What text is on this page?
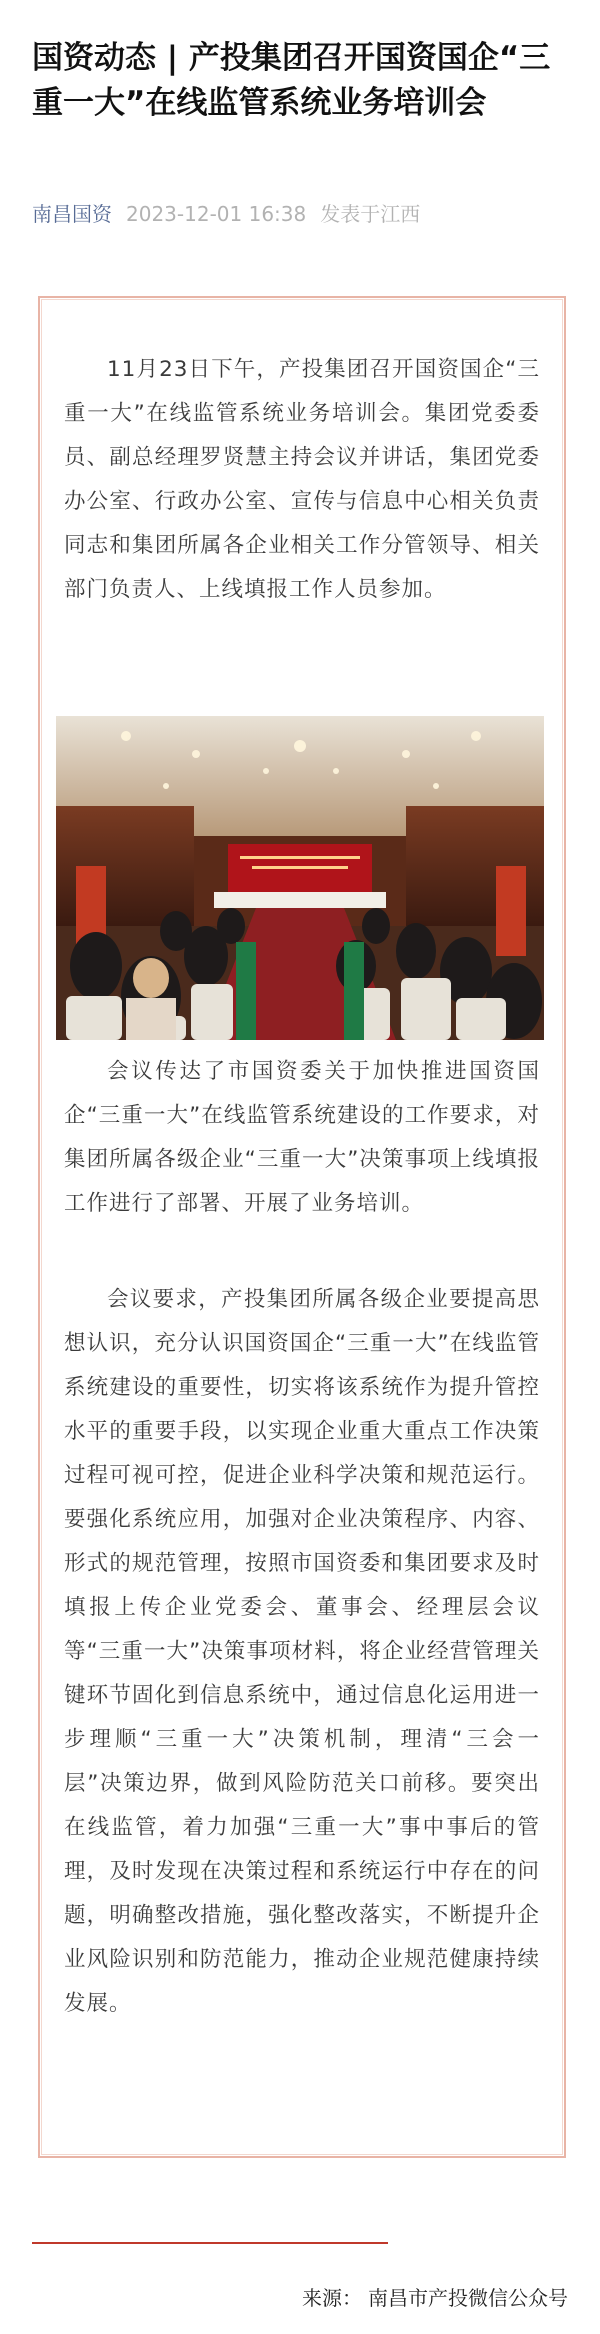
国资动态 | 产投集团召开国资国企“三重一大”在线监管系统业务培训会
南昌国资 2023-12-01 16:38 发表于江西

11月23日下午，产投集团召开国资国企“三重一大”在线监管系统业务培训会。集团党委委员、副总经理罗贤慧主持会议并讲话，集团党委办公室、行政办公室、宣传与信息中心相关负责同志和集团所属各企业相关工作分管领导、相关部门负责人、上线填报工作人员参加。

会议传达了市国资委关于加快推进国资国企“三重一大”在线监管系统建设的工作要求，对集团所属各级企业“三重一大”决策事项上线填报工作进行了部署、开展了业务培训。

会议要求，产投集团所属各级企业要提高思想认识，充分认识国资国企“三重一大”在线监管系统建设的重要性，切实将该系统作为提升管控水平的重要手段，以实现企业重大重点工作决策过程可视可控，促进企业科学决策和规范运行。要强化系统应用，加强对企业决策程序、内容、形式的规范管理，按照市国资委和集团要求及时填报上传企业党委会、董事会、经理层会议等“三重一大”决策事项材料，将企业经营管理关键环节固化到信息系统中，通过信息化运用进一步理顺“三重一大”决策机制，理清“三会一层”决策边界，做到风险防范关口前移。要突出在线监管，着力加强“三重一大”事中事后的管理，及时发现在决策过程和系统运行中存在的问题，明确整改措施，强化整改落实，不断提升企业风险识别和防范能力，推动企业规范健康持续发展。

来源： 南昌市产投微信公众号
